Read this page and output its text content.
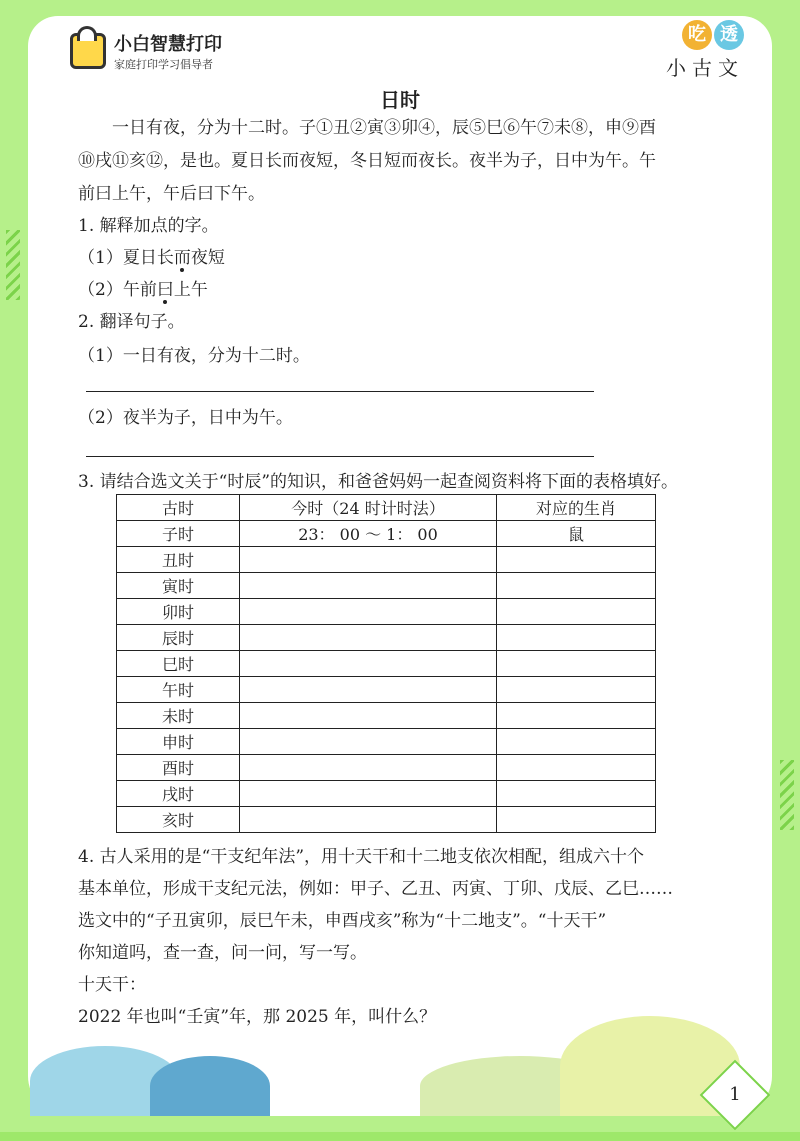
小白智慧打印
家庭打印学习倡导者
吃 透
小古文
日时
一日有夜，分为十二时。子①丑②寅③卯④，辰⑤巳⑥午⑦未⑧，申⑨酉
⑩戌⑪亥⑫，是也。夏日长而夜短，冬日短而夜长。夜半为子，日中为午。午
前曰上午，午后曰下午。
1. 解释加点的字。
（1）夏日长而夜短
（2）午前曰上午
2. 翻译句子。
（1）一日有夜，分为十二时。
（2）夜半为子，日中为午。
3. 请结合选文关于“时辰”的知识，和爸爸妈妈一起查阅资料将下面的表格填好。
古时	今时（24 时计时法）	对应的生肖
子时	23： 00 ～ 1： 00	鼠
丑时		
寅时		
卯时		
辰时		
巳时		
午时		
未时		
申时		
酉时		
戌时		
亥时		
4. 古人采用的是“干支纪年法”，用十天干和十二地支依次相配，组成六十个
基本单位，形成干支纪元法，例如：甲子、乙丑、丙寅、丁卯、戊辰、乙巳……
选文中的“子丑寅卯，辰巳午未，申酉戌亥”称为“十二地支”。“十天干”
你知道吗，查一查，问一问，写一写。
十天干：
2022 年也叫“壬寅”年，那 2025 年，叫什么？
1
